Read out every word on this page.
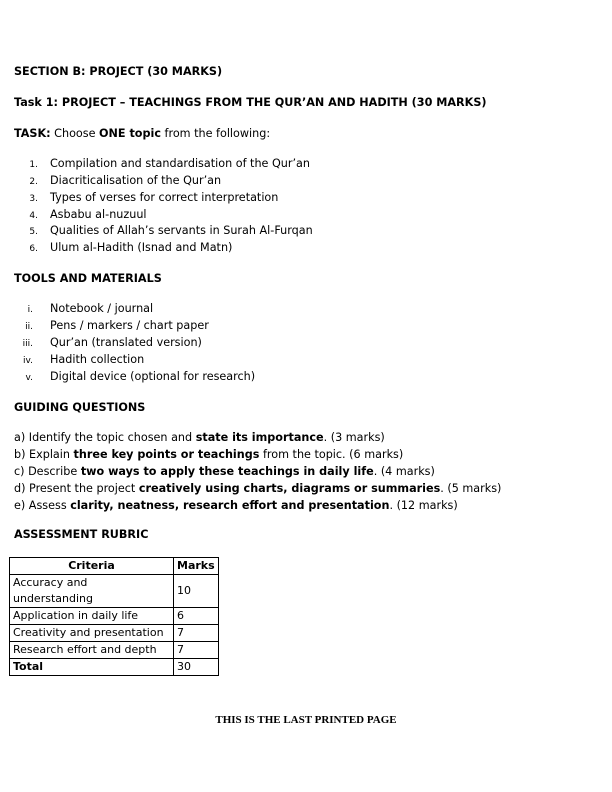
SECTION B: PROJECT (30 MARKS)
Task 1: PROJECT – TEACHINGS FROM THE QUR’AN AND HADITH (30 MARKS)
TASK: Choose ONE topic from the following:
1. Compilation and standardisation of the Qur’an
2. Diacriticalisation of the Qur’an
3. Types of verses for correct interpretation
4. Asbabu al-nuzuul
5. Qualities of Allah’s servants in Surah Al-Furqan
6. Ulum al-Hadith (Isnad and Matn)
TOOLS AND MATERIALS
i. Notebook / journal
ii. Pens / markers / chart paper
iii. Qur’an (translated version)
iv. Hadith collection
v. Digital device (optional for research)
GUIDING QUESTIONS
a) Identify the topic chosen and state its importance. (3 marks)
b) Explain three key points or teachings from the topic. (6 marks)
c) Describe two ways to apply these teachings in daily life. (4 marks)
d) Present the project creatively using charts, diagrams or summaries. (5 marks)
e) Assess clarity, neatness, research effort and presentation. (12 marks)
ASSESSMENT RUBRIC
Criteria	Marks
Accuracy and understanding	10
Application in daily life	6
Creativity and presentation	7
Research effort and depth	7
Total	30
THIS IS THE LAST PRINTED PAGE
